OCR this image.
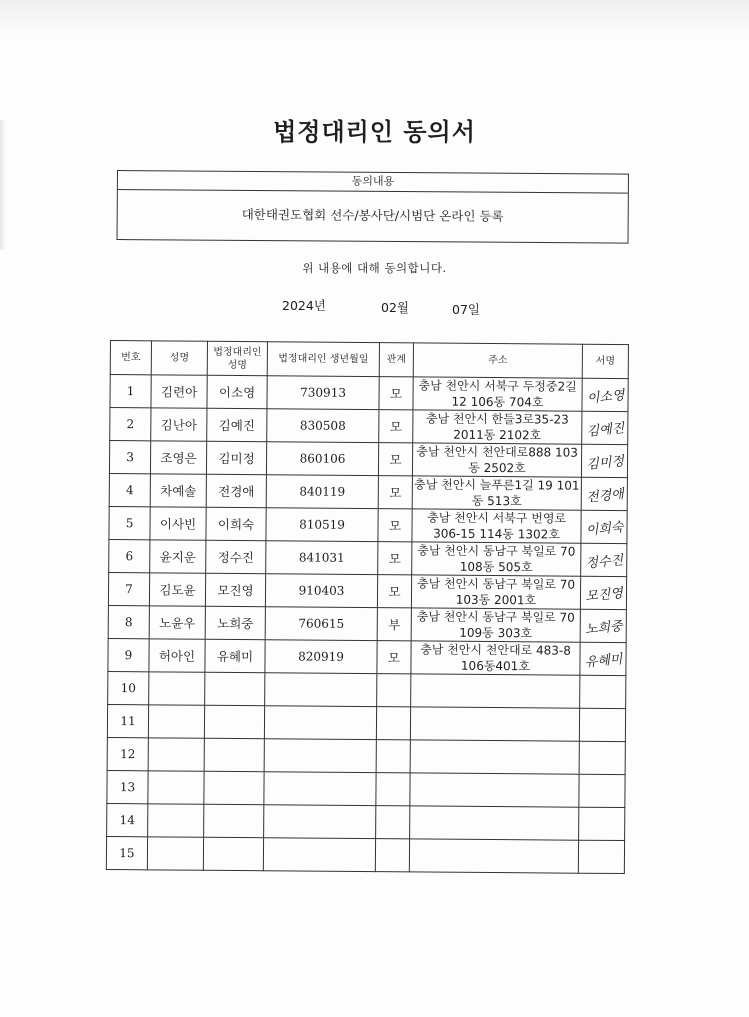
법정대리인 동의서
동의내용
대한태권도협회 선수/봉사단/시범단 온라인 등록
위 내용에 대해 동의합니다.
2024년	02월	07일
번호	성명	법정대리인 성명	법정대리인 생년월일	관계	주소	서명
1	김련아	이소영	730913	모	충남 천안시 서북구 두정중2길12 106동 704호	이소영
2	김난아	김예진	830508	모	충남 천안시 한들3로35-23 2011동 2102호	김예진
3	조영은	김미정	860106	모	충남 천안시 천안대로888 103동 2502호	김미정
4	차예솔	전경애	840119	모	충남 천안시 늘푸른1길 19 101동 513호	전경애
5	이사빈	이희숙	810519	모	충남 천안시 서북구 번영로 306-15 114동 1302호	이희숙
6	윤지운	정수진	841031	모	충남 천안시 동남구 북일로 70 108동 505호	정수진
7	김도윤	모진영	910403	모	충남 천안시 동남구 북일로 70 103동 2001호	모진영
8	노윤우	노희중	760615	부	충남 천안시 동남구 북일로 70 109동 303호	노희중
9	허아인	유혜미	820919	모	충남 천안시 천안대로 483-8 106동401호	유혜미
10						
11						
12						
13						
14						
15						
